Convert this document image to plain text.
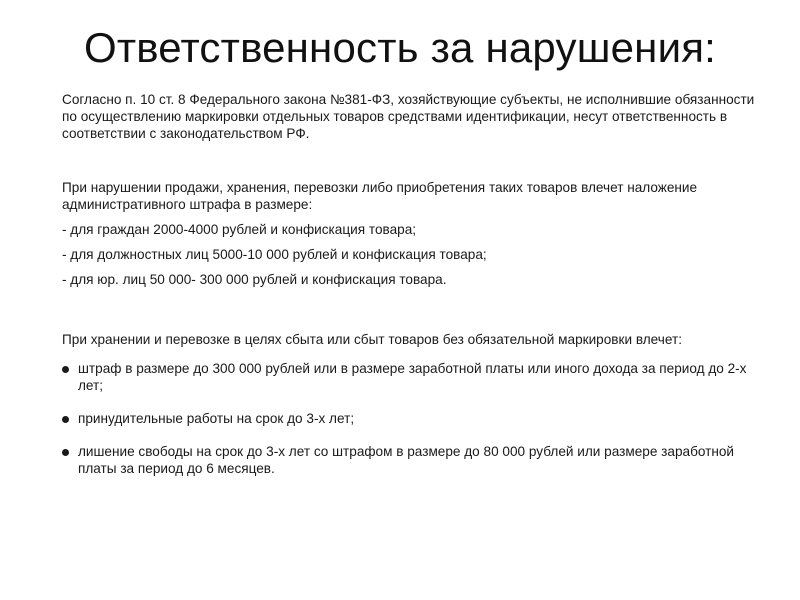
Ответственность за нарушения:

Согласно п. 10 ст. 8 Федерального закона №381-ФЗ, хозяйствующие субъекты, не исполнившие обязанности по осуществлению маркировки отдельных товаров средствами идентификации, несут ответственность в соответствии с законодательством РФ.

При нарушении продажи, хранения, перевозки либо приобретения таких товаров влечет наложение административного штрафа в размере:

- для граждан 2000-4000 рублей и конфискация товара;

- для должностных лиц 5000-10 000 рублей и конфискация товара;

- для юр. лиц 50 000- 300 000 рублей и конфискация товара.

При хранении и перевозке в целях сбыта или сбыт товаров без обязательной маркировки влечет:

штраф в размере до 300 000 рублей или в размере заработной платы или иного дохода за период до 2-х лет;
принудительные работы на срок до 3-х лет;
лишение свободы на срок до 3-х лет со штрафом в размере до 80 000 рублей или размере заработной платы за период до 6 месяцев.
